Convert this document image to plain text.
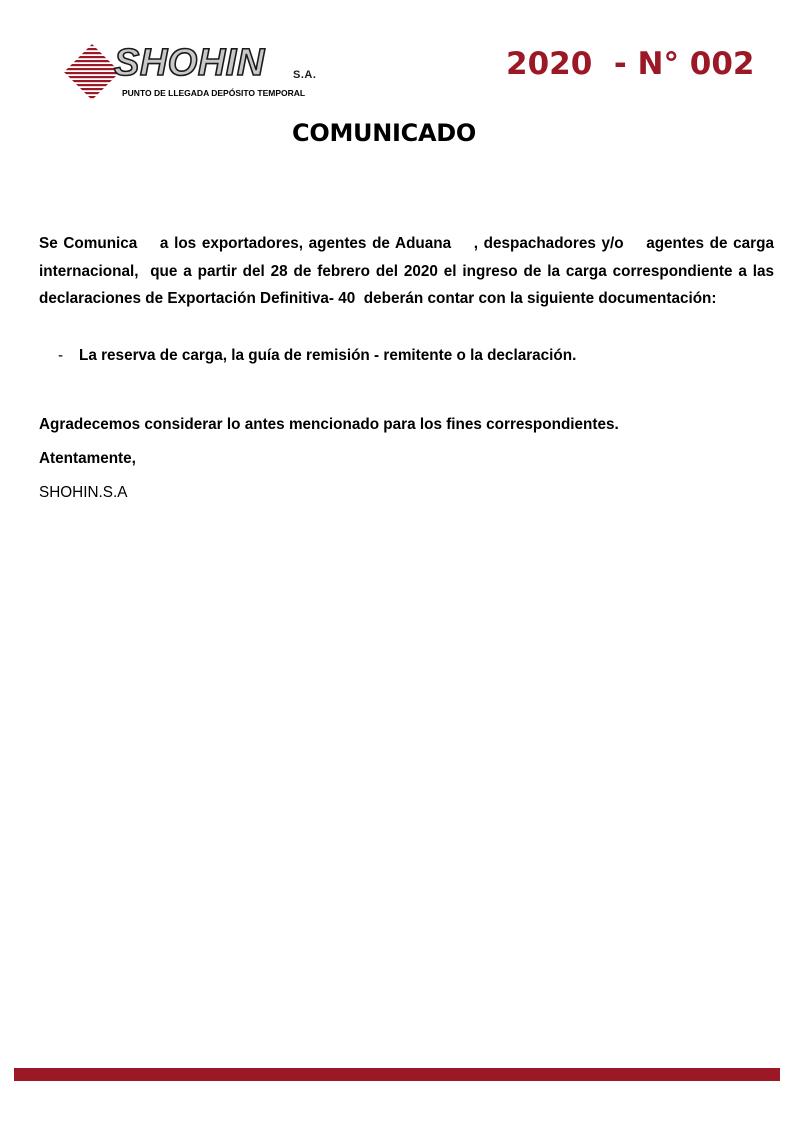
SHOHIN	S.A.
PUNTO DE LLEGADA DEPÓSITO TEMPORAL
2020  - N° 002
COMUNICADO

Se Comunica    a los exportadores, agentes de Aduana    , despachadores y/o    agentes de carga internacional,  que a partir del 28 de febrero del 2020 el ingreso de la carga correspondiente a las declaraciones de Exportación Definitiva- 40  deberán contar con la siguiente documentación:

- La reserva de carga, la guía de remisión - remitente o la declaración.
Agradecemos considerar lo antes mencionado para los fines correspondientes.
Atentamente,
SHOHIN.S.A
